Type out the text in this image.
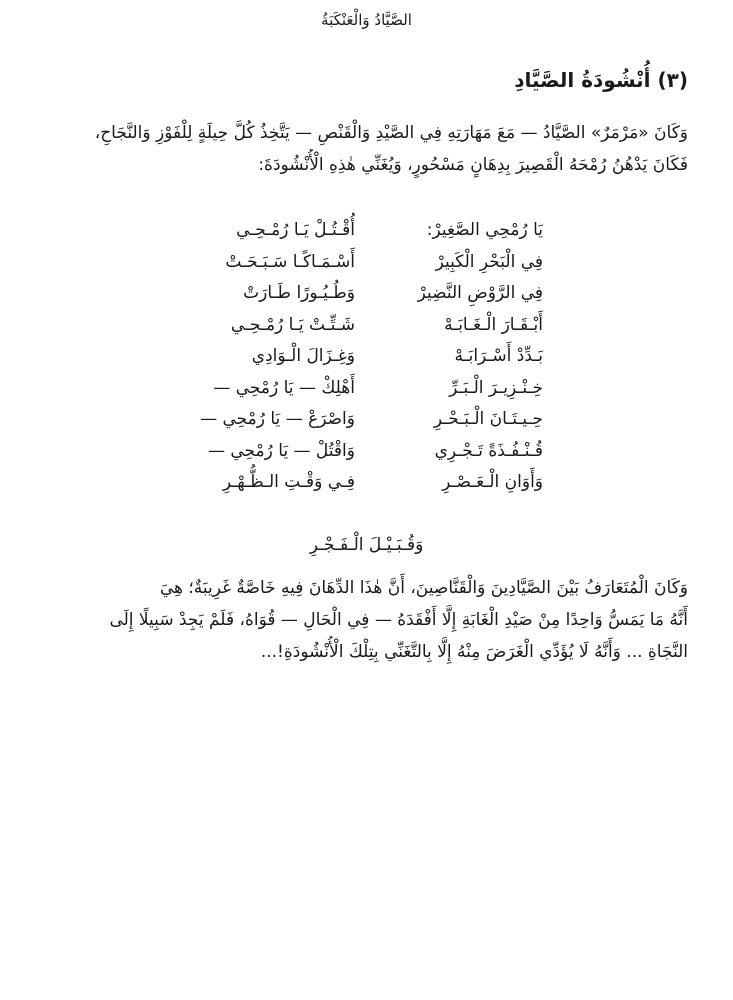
الصَّيَّادُ وَالْعَنْكَبَةُ
(٣) أُنْشُودَةُ الصَّيَّادِ
وَكَانَ «مَرْمَرٌ» الصَّيَّادُ — مَعَ مَهَارَتِهِ فِي الصَّيْدِ وَالْقَنْصِ — يَتَّخِذُ كُلَّ حِيلَةٍ لِلْفَوْزِ وَالنَّجَاحِ،
فَكَانَ يَدْهُنُ رُمْحَهُ الْقَصِيرَ بِدِهَانٍ مَسْحُورٍ، وَيُغَنِّي هٰذِهِ الْأُنْشُودَةَ:
يَا رُمْحِي الصَّغِيرْ:
أُقْـتُـلْ يَـا رُمْـحِـي
فِي الْبَحْرِ الْكَبِيرْ
أَسْـمَـاكًـا سَـبَـحَـتْ
فِي الرَّوْضِ النَّضِيرْ
وَطُـيُـورًا طَـارَتْ
أَبْـقَـارَ الْـغَـابَـهْ
شَـتِّـتْ يَـا رُمْـحِـي
بَـدِّدْ أَسْـرَابَـهْ
وَغِـزَالَ الْـوَادِي
خِـنْـزِيـرَ الْـبَـرِّ
أَهْلِكْ — يَا رُمْحِي —
حِـيـتَـانَ الْـبَـحْـرِ
وَاصْرَعْ — يَا رُمْحِي —
قُـنْـفُـذَةً تَـجْـرِي
وَاقْتُلْ — يَا رُمْحِي —
وَأَوَانِ الْـعَـصْـرِ
فِـي وَقْـتِ الـظُّـهْـرِ
وَقُـبَـيْـلَ الْـفَـجْـرِ
وَكَانَ الْمُتَعَارَفُ بَيْنَ الصَّيَّادِينَ وَالْقَنَّاصِينَ، أَنَّ هٰذَا الدِّهَانَ فِيهِ خَاصَّةٌ غَرِيبَةٌ؛ هِيَ
أَنَّهُ مَا يَمَسُّ وَاحِدًا مِنْ صَيْدِ الْغَابَةِ إِلَّا أَفْقَدَهُ — فِي الْحَالِ — قُوَاهُ، فَلَمْ يَجِدْ سَبِيلًا إِلَى
النَّجَاةِ ... وَأَنَّهُ لَا يُؤَدِّي الْغَرَضَ مِنْهُ إِلَّا بِالتَّغَنِّي بِتِلْكَ الْأُنْشُودَةِ!...
